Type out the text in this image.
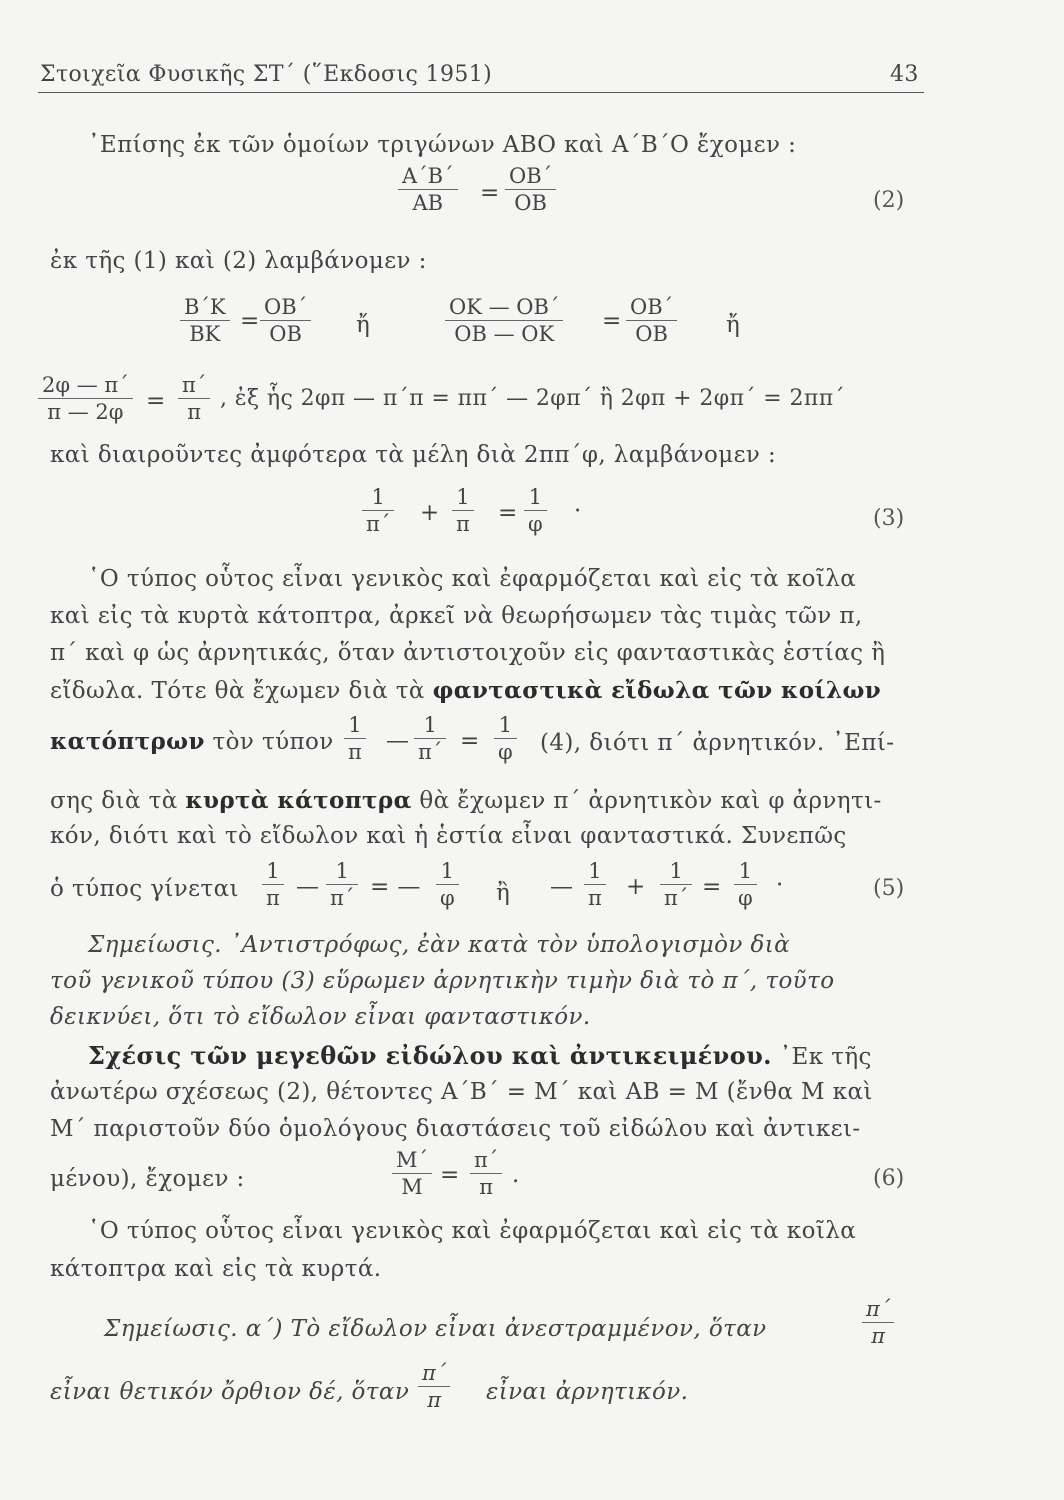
Στοιχεῖα Φυσικῆς ΣΤ΄ (῞Εκδοσις 1951)	43
᾿Επίσης ἐκ τῶν ὁμοίων τριγώνων ΑΒΟ καὶ Α΄Β΄Ο ἔχομεν :
Α΄Β΄
ΑΒ =
ΟΒ΄
ΟΒ	(2)
ἐκ τῆς (1) καὶ (2) λαμβάνομεν :
Β΄Κ
ΒΚ =
ΟΒ΄
ΟΒ ἤ
ΟΚ — ΟΒ΄
ΟΒ — ΟΚ =
ΟΒ΄
ΟΒ	ἤ
2φ — π΄
π — 2φ =
π΄
π
, ἐξ ἧς 2φπ — π΄π = ππ΄ — 2φπ΄ ἢ 2φπ + 2φπ΄ = 2ππ΄
καὶ διαιροῦντες ἀμφότερα τὰ μέλη διὰ 2ππ΄φ, λαμβάνομεν :
1
π΄ +
1
π =
1
φ ·	(3)
῾Ο τύπος οὗτος εἶναι γενικὸς καὶ ἐφαρμόζεται καὶ εἰς τὰ κοῖλα
καὶ εἰς τὰ κυρτὰ κάτοπτρα, ἀρκεῖ νὰ θεωρήσωμεν τὰς τιμὰς τῶν π,
π΄ καὶ φ ὡς ἀρνητικάς, ὅταν ἀντιστοιχοῦν εἰς φανταστικὰς ἑστίας ἢ
εἴδωλα. Τότε θὰ ἔχωμεν διὰ τὰ φανταστικὰ εἴδωλα τῶν κοίλων
κατόπτρων τὸν τύπον
1
π —
1
π΄ =
1
φ (4), διότι π΄ ἀρνητικόν. ᾿Επί-
σης διὰ τὰ κυρτὰ κάτοπτρα θὰ ἔχωμεν π΄ ἀρνητικὸν καὶ φ ἀρνητι-
κόν, διότι καὶ τὸ εἴδωλον καὶ ἡ ἑστία εἶναι φανταστικά. Συνεπῶς
ὁ τύπος γίνεται
1
π —
1
π΄ = —
1
φ ἢ —
1
π +
1
π΄ =
1
φ ·	(5)
Σημείωσις. ᾿Αντιστρόφως, ἐὰν κατὰ τὸν ὑπολογισμὸν διὰ
τοῦ γενικοῦ τύπου (3) εὕρωμεν ἀρνητικὴν τιμὴν διὰ τὸ π΄, τοῦτο
δεικνύει, ὅτι τὸ εἴδωλον εἶναι φανταστικόν.
Σχέσις τῶν μεγεθῶν εἰδώλου καὶ ἀντικειμένου. ᾿Εκ τῆς
ἀνωτέρω σχέσεως (2), θέτοντες Α΄Β΄ = Μ΄ καὶ ΑΒ = Μ (ἔνθα Μ καὶ
Μ΄ παριστοῦν δύο ὁμολόγους διαστάσεις τοῦ εἰδώλου καὶ ἀντικει-
μένου), ἔχομεν :
Μ΄
Μ =
π΄
π .	(6)
῾Ο τύπος οὗτος εἶναι γενικὸς καὶ ἐφαρμόζεται καὶ εἰς τὰ κοῖλα
κάτοπτρα καὶ εἰς τὰ κυρτά.
Σημείωσις. α΄) Τὸ εἴδωλον εἶναι ἀνεστραμμένον, ὅταν
π΄
π
εἶναι θετικόν ὄρθιον δέ, ὅταν
π΄
π εἶναι ἀρνητικόν.
